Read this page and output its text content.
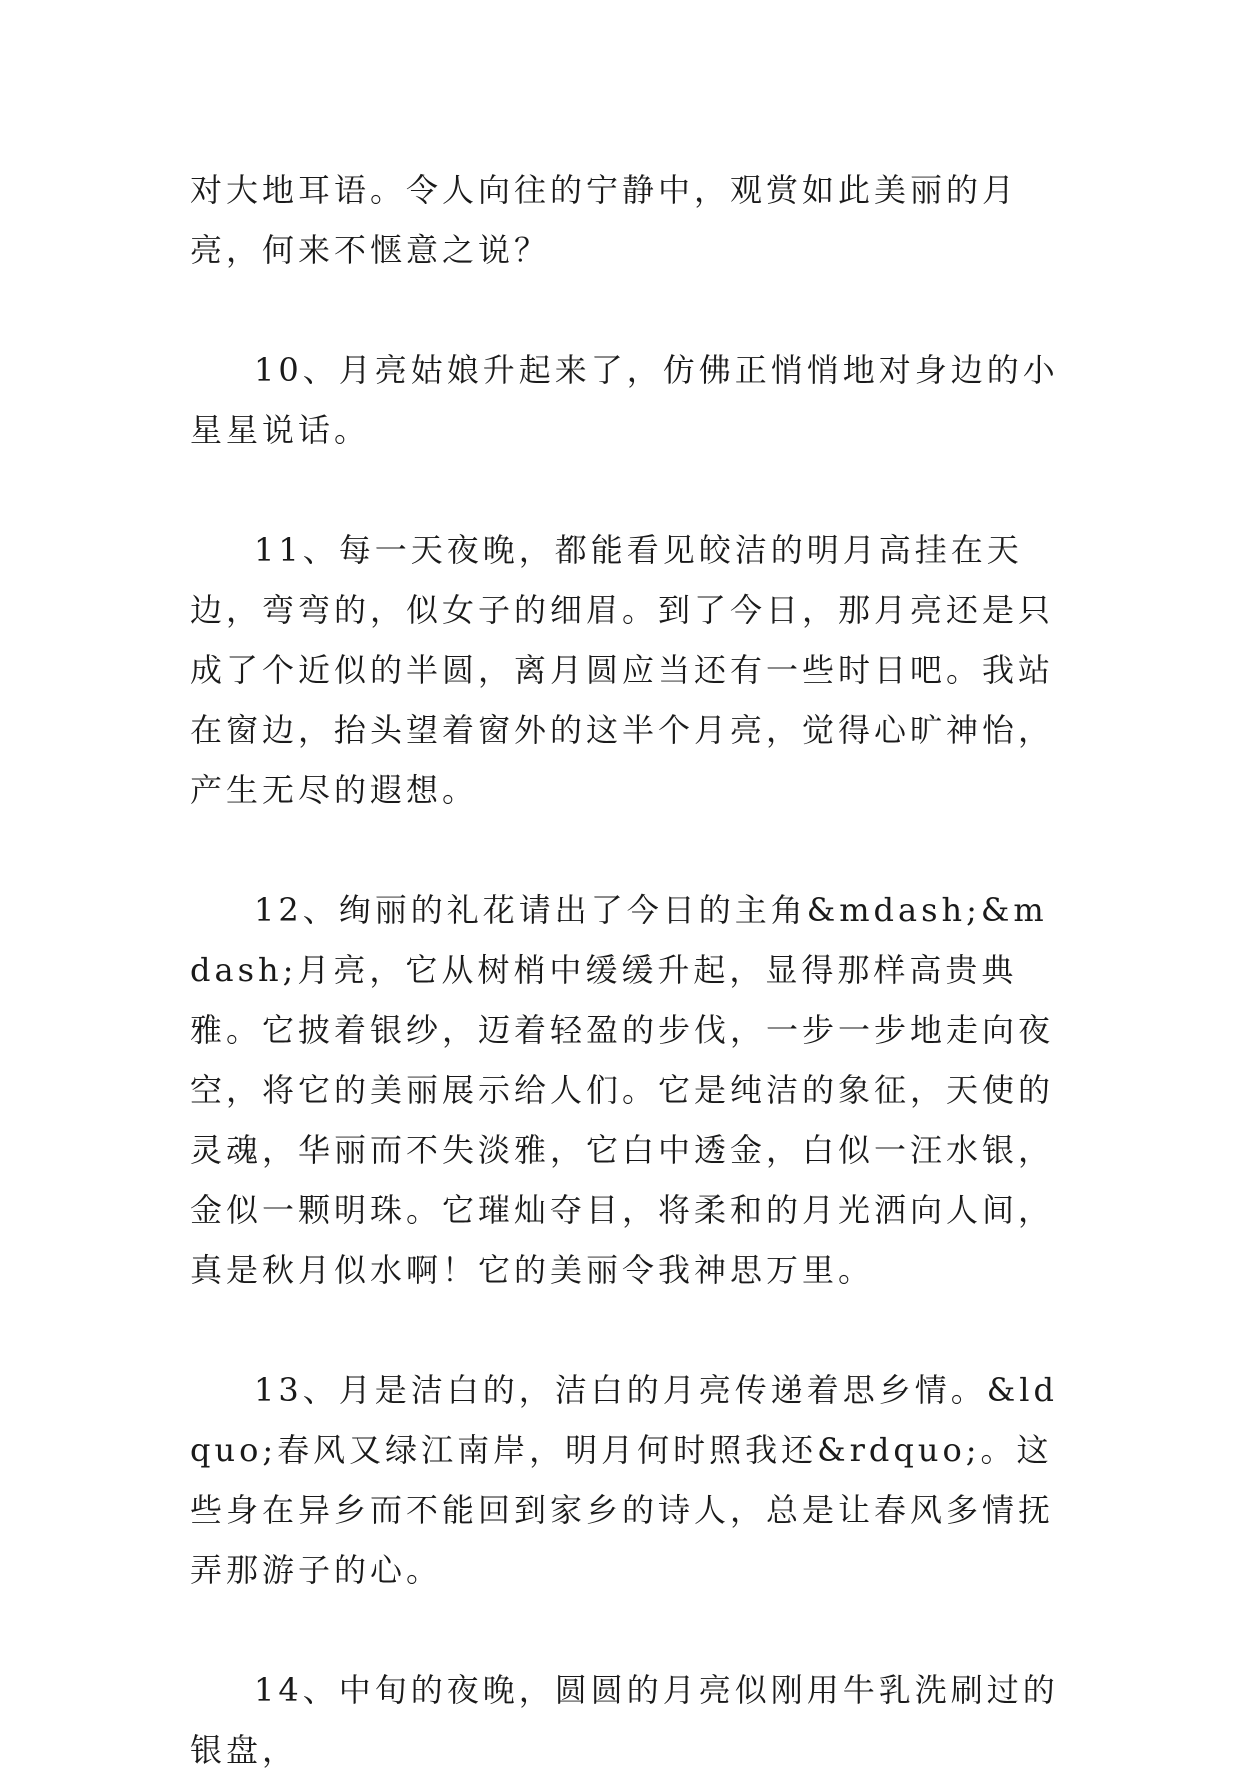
对大地耳语。令人向往的宁静中，观赏如此美丽的月亮，何来不惬意之说？

10、月亮姑娘升起来了，仿佛正悄悄地对身边的小星星说话。

11、每一天夜晚，都能看见皎洁的明月高挂在天边，弯弯的，似女子的细眉。到了今日，那月亮还是只成了个近似的半圆，离月圆应当还有一些时日吧。我站在窗边，抬头望着窗外的这半个月亮，觉得心旷神怡，产生无尽的遐想。

12、绚丽的礼花请出了今日的主角&mdash;&mdash;月亮，它从树梢中缓缓升起，显得那样高贵典雅。它披着银纱，迈着轻盈的步伐，一步一步地走向夜空，将它的美丽展示给人们。它是纯洁的象征，天使的灵魂，华丽而不失淡雅，它白中透金，白似一汪水银，金似一颗明珠。它璀灿夺目，将柔和的月光洒向人间，真是秋月似水啊！它的美丽令我神思万里。

13、月是洁白的，洁白的月亮传递着思乡情。&ldquo;春风又绿江南岸，明月何时照我还&rdquo;。这些身在异乡而不能回到家乡的诗人，总是让春风多情抚弄那游子的心。

14、中旬的夜晚，圆圆的月亮似刚用牛乳洗刷过的银盘，
